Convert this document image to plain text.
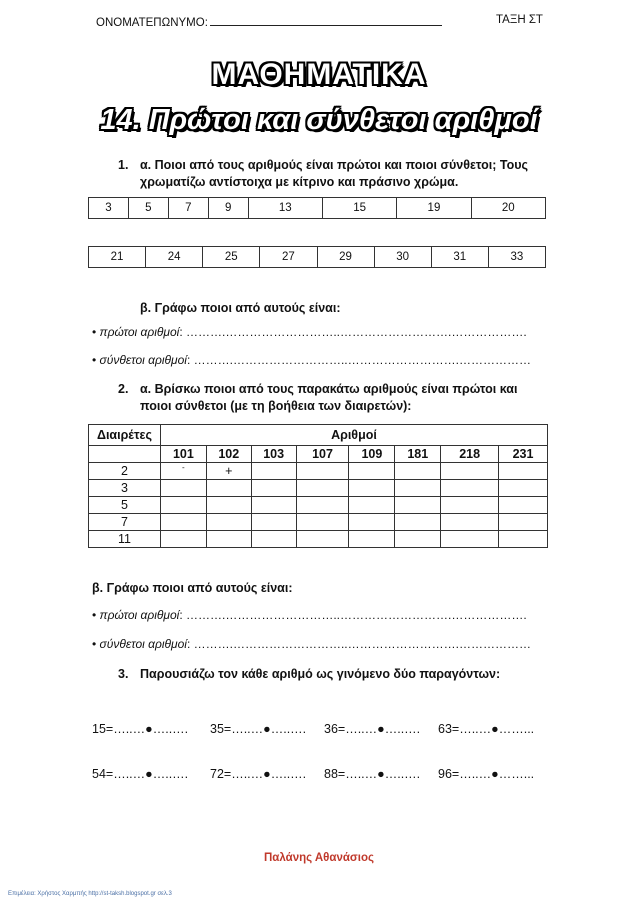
ΟΝΟΜΑΤΕΠΩΝΥΜΟ:	ΤΑΞΗ ΣΤ
ΜΑΘΗΜΑΤΙΚΑ
14. Πρώτοι και σύνθετοι αριθμοί
1. α. Ποιοι από τους αριθμούς είναι πρώτοι και ποιοι σύνθετοι; Τους
χρωματίζω αντίστοιχα με κίτρινο και πράσινο χρώμα.
3	5	7	9	13	15	19	20
21	24	25	27	29	30	31	33
β. Γράφω ποιοι από αυτούς είναι:
• πρώτοι αριθμοί: ……….………………………..……………………….……………….
• σύνθετοι αριθμοί: ……….………………………..……………………….………………
2. α. Βρίσκω ποιοι από τους παρακάτω αριθμούς είναι πρώτοι και
ποιοι σύνθετοι (με τη βοήθεια των διαιρετών):
Διαιρέτες	Αριθμοί							
	101	102	103	107	109	181	218	231
2	-	+						
3								
5								
7								
11								
β. Γράφω ποιοι από αυτούς είναι:
• πρώτοι αριθμοί: ……….………………………..……………………….……………….
• σύνθετοι αριθμοί: ……….………………………..……………………….………………
3. Παρουσιάζω τον κάθε αριθμό ως γινόμενο δύο παραγόντων:
15=…..…●…..…. 35=…..…●…..…. 36=…..…●…..…. 63=…..…●……...
54=…..…●…..…. 72=…..…●…..…. 88=…..…●…..…. 96=…..…●……...
Παλάνης Αθανάσιος
Επιμέλεια: Χρήστος Χαρμπής http://st-taksh.blogspot.gr σελ.3
